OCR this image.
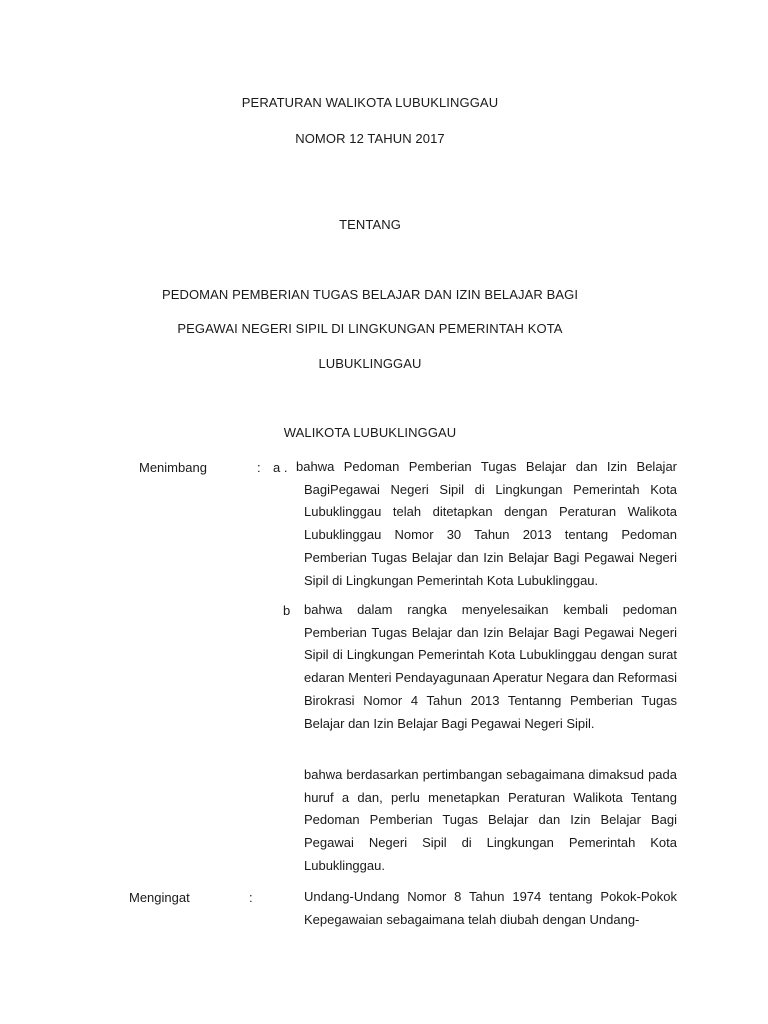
PERATURAN WALIKOTA LUBUKLINGGAU
NOMOR 12 TAHUN 2017
TENTANG
PEDOMAN PEMBERIAN TUGAS BELAJAR DAN IZIN BELAJAR BAGI
PEGAWAI NEGERI SIPIL DI LINGKUNGAN PEMERINTAH KOTA
LUBUKLINGGAU
WALIKOTA LUBUKLINGGAU
Menimbang	: a . bahwa Pedoman Pemberian Tugas Belajar dan Izin Belajar BagiPegawai Negeri Sipil di Lingkungan Pemerintah Kota Lubuklinggau telah ditetapkan dengan Peraturan Walikota Lubuklinggau Nomor 30 Tahun 2013 tentang Pedoman Pemberian Tugas Belajar dan Izin Belajar Bagi Pegawai Negeri Sipil di Lingkungan Pemerintah Kota Lubuklinggau.
b bahwa dalam rangka menyelesaikan kembali pedoman Pemberian Tugas Belajar dan Izin Belajar Bagi Pegawai Negeri Sipil di Lingkungan Pemerintah Kota Lubuklinggau dengan surat edaran Menteri Pendayagunaan Aperatur Negara dan Reformasi Birokrasi Nomor 4 Tahun 2013 Tentanng Pemberian Tugas Belajar dan Izin Belajar Bagi Pegawai Negeri Sipil.
bahwa berdasarkan pertimbangan sebagaimana dimaksud pada huruf a dan, perlu menetapkan Peraturan Walikota Tentang Pedoman Pemberian Tugas Belajar dan Izin Belajar Bagi Pegawai Negeri Sipil di Lingkungan Pemerintah Kota Lubuklinggau.
Mengingat	:	Undang-Undang Nomor 8 Tahun 1974 tentang Pokok-Pokok Kepegawaian sebagaimana telah diubah dengan Undang-
